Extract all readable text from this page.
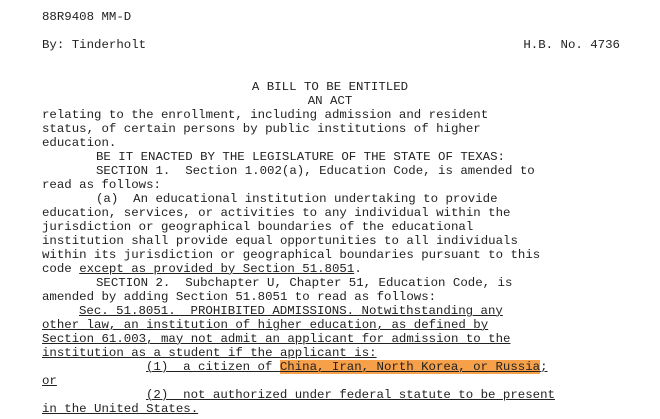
88R9408 MM-D
By: Tinderholt	H.B. No. 4736
A BILL TO BE ENTITLED
AN ACT
relating to the enrollment, including admission and resident
status, of certain persons by public institutions of higher
education.
BE IT ENACTED BY THE LEGISLATURE OF THE STATE OF TEXAS:
SECTION 1.  Section 1.002(a), Education Code, is amended to
read as follows:
(a)  An educational institution undertaking to provide
education, services, or activities to any individual within the
jurisdiction or geographical boundaries of the educational
institution shall provide equal opportunities to all individuals
within its jurisdiction or geographical boundaries pursuant to this
code except as provided by Section 51.8051.
SECTION 2.  Subchapter U, Chapter 51, Education Code, is
amended by adding Section 51.8051 to read as follows:
Sec. 51.8051.  PROHIBITED ADMISSIONS. Notwithstanding any
other law, an institution of higher education, as defined by
Section 61.003, may not admit an applicant for admission to the
institution as a student if the applicant is:
(1)  a citizen of China, Iran, North Korea, or Russia;
or
(2)  not authorized under federal statute to be present
in the United States.
